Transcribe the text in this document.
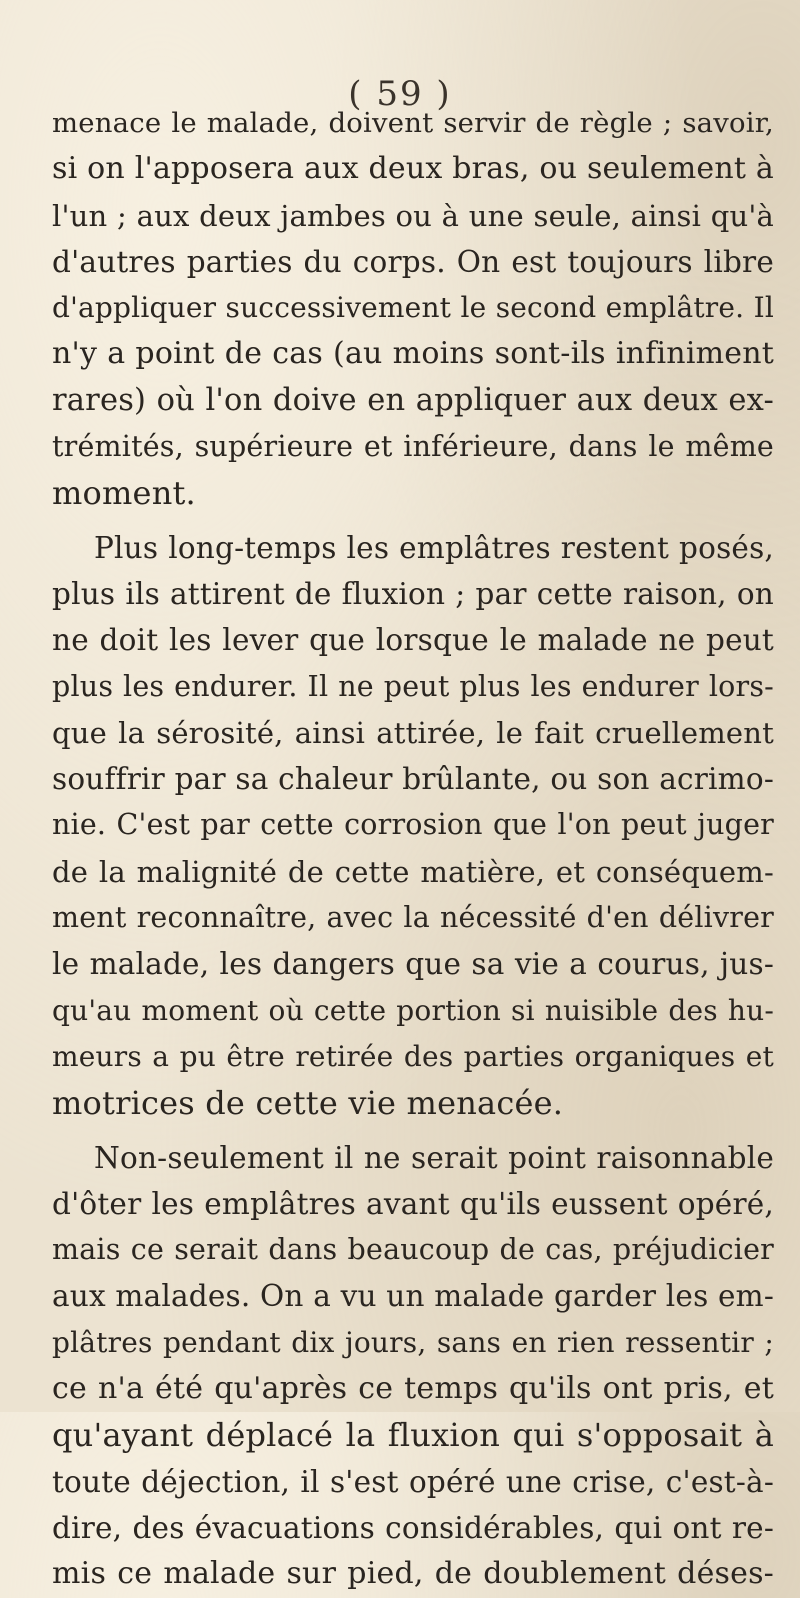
( 59 )

menace le malade, doivent servir de règle ; savoir,
si on l'apposera aux deux bras, ou seulement à
l'un ; aux deux jambes ou à une seule, ainsi qu'à
d'autres parties du corps. On est toujours libre
d'appliquer successivement le second emplâtre. Il
n'y a point de cas (au moins sont-ils infiniment
rares) où l'on doive en appliquer aux deux ex-
trémités, supérieure et inférieure, dans le même
moment.

Plus long-temps les emplâtres restent posés,
plus ils attirent de fluxion ; par cette raison, on
ne doit les lever que lorsque le malade ne peut
plus les endurer. Il ne peut plus les endurer lors-
que la sérosité, ainsi attirée, le fait cruellement
souffrir par sa chaleur brûlante, ou son acrimo-
nie. C'est par cette corrosion que l'on peut juger
de la malignité de cette matière, et conséquem-
ment reconnaître, avec la nécessité d'en délivrer
le malade, les dangers que sa vie a courus, jus-
qu'au moment où cette portion si nuisible des hu-
meurs a pu être retirée des parties organiques et
motrices de cette vie menacée.

Non-seulement il ne serait point raisonnable
d'ôter les emplâtres avant qu'ils eussent opéré,
mais ce serait dans beaucoup de cas, préjudicier
aux malades. On a vu un malade garder les em-
plâtres pendant dix jours, sans en rien ressentir ;
ce n'a été qu'après ce temps qu'ils ont pris, et
qu'ayant déplacé la fluxion qui s'opposait à
toute déjection, il s'est opéré une crise, c'est-à-
dire, des évacuations considérables, qui ont re-
mis ce malade sur pied, de doublement déses-
